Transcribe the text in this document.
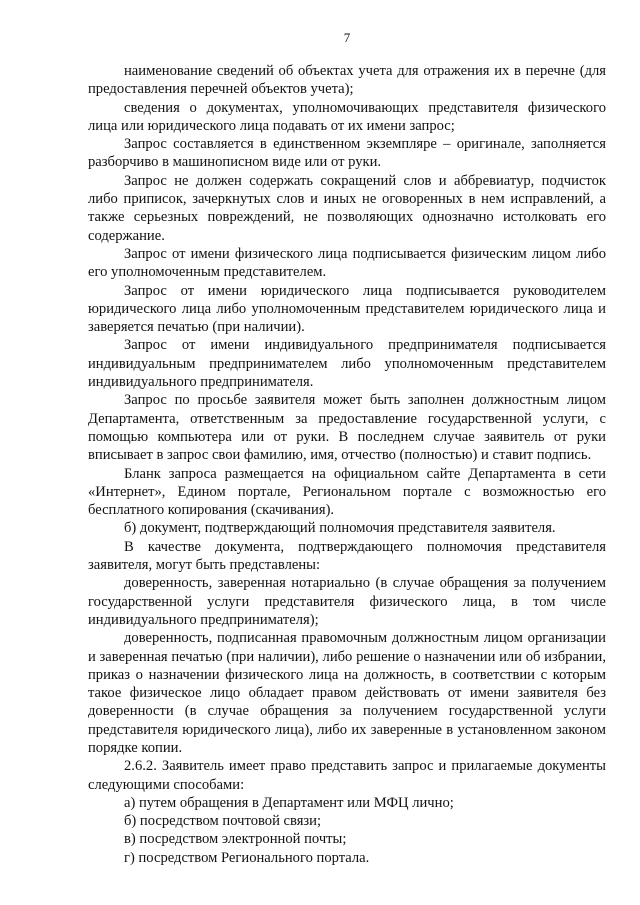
7

наименование сведений об объектах учета для отражения их в перечне (для предоставления перечней объектов учета);

сведения о документах, уполномочивающих представителя физического лица или юридического лица подавать от их имени запрос;

Запрос составляется в единственном экземпляре – оригинале, заполняется разборчиво в машинописном виде или от руки.

Запрос не должен содержать сокращений слов и аббревиатур, подчисток либо приписок, зачеркнутых слов и иных не оговоренных в нем исправлений, а также серьезных повреждений, не позволяющих однозначно истолковать его содержание.

Запрос от имени физического лица подписывается физическим лицом либо его уполномоченным представителем.

Запрос от имени юридического лица подписывается руководителем юридического лица либо уполномоченным представителем юридического лица и заверяется печатью (при наличии).

Запрос от имени индивидуального предпринимателя подписывается индивидуальным предпринимателем либо уполномоченным представителем индивидуального предпринимателя.

Запрос по просьбе заявителя может быть заполнен должностным лицом Департамента, ответственным за предоставление государственной услуги, с помощью компьютера или от руки. В последнем случае заявитель от руки вписывает в запрос свои фамилию, имя, отчество (полностью) и ставит подпись.

Бланк запроса размещается на официальном сайте Департамента в сети «Интернет», Едином портале, Региональном портале с возможностью его бесплатного копирования (скачивания).

б) документ, подтверждающий полномочия представителя заявителя.

В качестве документа, подтверждающего полномочия представителя заявителя, могут быть представлены:

доверенность, заверенная нотариально (в случае обращения за получением государственной услуги представителя физического лица, в том числе индивидуального предпринимателя);

доверенность, подписанная правомочным должностным лицом организации и заверенная печатью (при наличии), либо решение о назначении или об избрании, приказ о назначении физического лица на должность, в соответствии с которым такое физическое лицо обладает правом действовать от имени заявителя без доверенности (в случае обращения за получением государственной услуги представителя юридического лица), либо их заверенные в установленном законом порядке копии.

2.6.2. Заявитель имеет право представить запрос и прилагаемые документы следующими способами:

а) путем обращения в Департамент или МФЦ лично;

б) посредством почтовой связи;

в) посредством электронной почты;

г) посредством Регионального портала.
